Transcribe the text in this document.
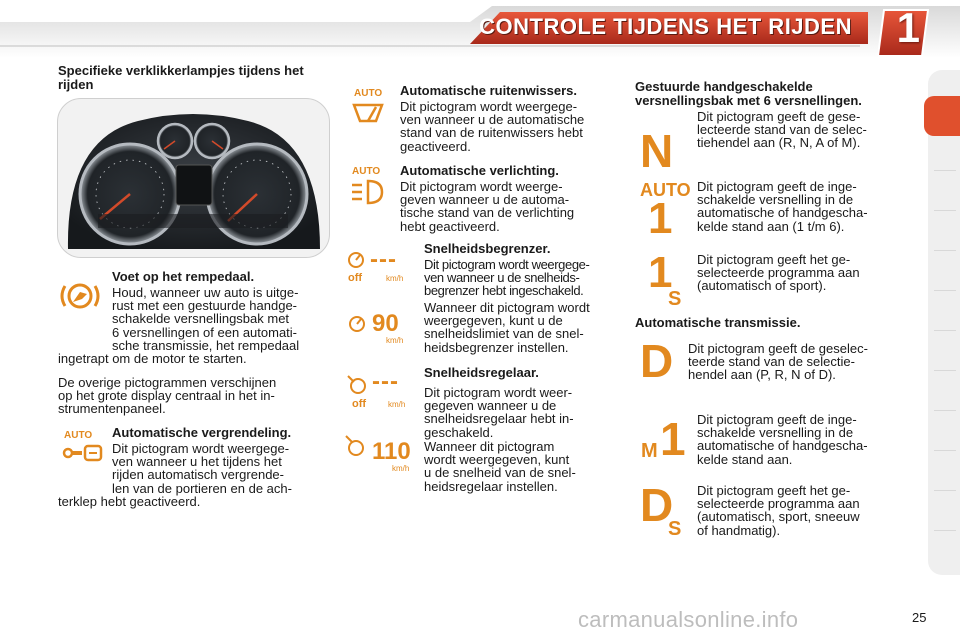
CONTROLE TIJDENS HET RIJDEN 1
Specifieke verklikkerlampjes tijdens het rijden
Voet op het rempedaal.
Houd, wanneer uw auto is uitge-
rust met een gestuurde handge-
schakelde versnellingsbak met
6 versnellingen of een automati-
sche transmissie, het rempedaal
ingetrapt om de motor te starten.
De overige pictogrammen verschijnen
op het grote display centraal in het in-
strumentenpaneel.
AUTO	Automatische vergrendeling.
Dit pictogram wordt weergege-
ven wanneer u het tijdens het
rijden automatisch vergrende-
len van de portieren en de ach-
terklep hebt geactiveerd.
AUTO	Automatische ruitenwissers.
Dit pictogram wordt weergege-
ven wanneer u de automatische
stand van de ruitenwissers hebt
geactiveerd.
AUTO	Automatische verlichting.
Dit pictogram wordt weerge-
geven wanneer u de automa-
tische stand van de verlichting
hebt geactiveerd.
---
off	km/h
90
km/h
Snelheidsbegrenzer.
Dit pictogram wordt weergege-
ven wanneer u de snelheids-
begrenzer hebt ingeschakeld.
Wanneer dit pictogram wordt
weergegeven, kunt u de
snelheidslimiet van de snel-
heidsbegrenzer instellen.
---
off	km/h
110
km/h
Snelheidsregelaar.
Dit pictogram wordt weer-
gegeven wanneer u de
snelheidsregelaar hebt in-
geschakeld.
Wanneer dit pictogram
wordt weergegeven, kunt
u de snelheid van de snel-
heidsregelaar instellen.
Gestuurde handgeschakelde
versnellingsbak met 6 versnellingen.
N
Dit pictogram geeft de gese-
lecteerde stand van de selec-
tiehendel aan (R, N, A of M).
AUTO
1
Dit pictogram geeft de inge-
schakelde versnelling in de
automatische of handgescha-
kelde stand aan (1 t/m 6).
1
S
Dit pictogram geeft het ge-
selecteerde programma aan
(automatisch of sport).
Automatische transmissie.
D Dit pictogram geeft de geselec-
teerde stand van de selectie-
hendel aan (P, R, N of D).
M 1 Dit pictogram geeft de inge-
schakelde versnelling in de
automatische of handgescha-
kelde stand aan.
D
S
Dit pictogram geeft het ge-
selecteerde programma aan
(automatisch, sport, sneeuw
of handmatig).
carmanualsonline.info	25
